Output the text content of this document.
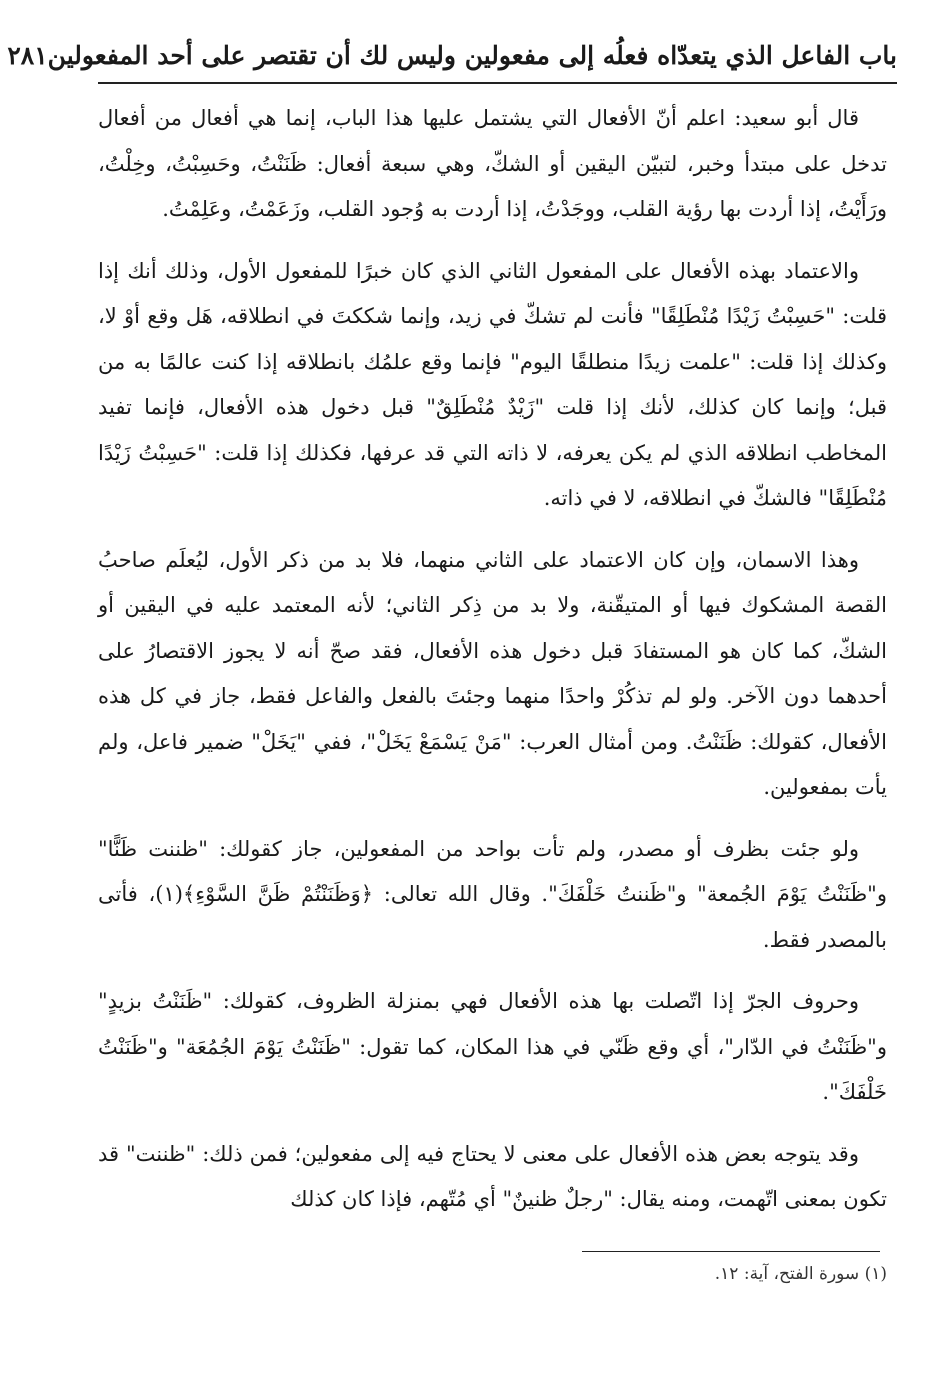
باب الفاعل الذي يتعدّاه فعلُه إلى مفعولين وليس لك أن تقتصر على أحد المفعولين
٢٨١

قال أبو سعيد: اعلم أنّ الأفعال التي يشتمل عليها هذا الباب، إنما هي أفعال من أفعال تدخل على مبتدأ وخبر، لتبيّن اليقين أو الشكّ، وهي سبعة أفعال: ظَنَنْتُ، وحَسِبْتُ، وخِلْتُ، ورَأَيْتُ، إذا أردت بها رؤية القلب، ووجَدْتُ، إذا أردت به وُجود القلب، وزَعَمْتُ، وعَلِمْتُ.

والاعتماد بهذه الأفعال على المفعول الثاني الذي كان خبرًا للمفعول الأول، وذلك أنك إذا قلت: "حَسِبْتُ زَيْدًا مُنْطَلِقًا" فأنت لم تشكّ في زيد، وإنما شككتَ في انطلاقه، هَل وقع أوْ لا، وكذلك إذا قلت: "علمت زيدًا منطلقًا اليوم" فإنما وقع علمُك بانطلاقه إذا كنت عالمًا به من قبل؛ وإنما كان كذلك، لأنك إذا قلت "زَيْدٌ مُنْطَلِقٌ" قبل دخول هذه الأفعال، فإنما تفيد المخاطب انطلاقه الذي لم يكن يعرفه، لا ذاته التي قد عرفها، فكذلك إذا قلت: "حَسِبْتُ زَيْدًا مُنْطَلِقًا" فالشكّ في انطلاقه، لا في ذاته.

وهذا الاسمان، وإن كان الاعتماد على الثاني منهما، فلا بد من ذكر الأول، ليُعلَم صاحبُ القصة المشكوك فيها أو المتيقّنة، ولا بد من ذِكر الثاني؛ لأنه المعتمد عليه في اليقين أو الشكّ، كما كان هو المستفادَ قبل دخول هذه الأفعال، فقد صحّ أنه لا يجوز الاقتصارُ على أحدهما دون الآخر. ولو لم تذكُرْ واحدًا منهما وجئتَ بالفعل والفاعل فقط، جاز في كل هذه الأفعال، كقولك: ظَنَنْتُ. ومن أمثال العرب: "مَنْ يَسْمَعْ يَخَلْ"، ففي "يَخَلْ" ضمير فاعل، ولم يأت بمفعولين.

ولو جئت بظرف أو مصدر، ولم تأت بواحد من المفعولين، جاز كقولك: "ظننت ظَنًّا" و"ظَنَنْتُ يَوْمَ الجُمعة" و"ظَننتُ خَلْفَكَ". وقال الله تعالى: ﴿وَظَنَنْتُمْ ظَنَّ السَّوْءِ﴾(١)، فأتى بالمصدر فقط.

وحروف الجرّ إذا اتّصلت بها هذه الأفعال فهي بمنزلة الظروف، كقولك: "ظَنَنْتُ بزيدٍ" و"ظَنَنْتُ في الدّار"، أي وقع ظَنّي في هذا المكان، كما تقول: "ظَنَنْتُ يَوْمَ الجُمُعَة" و"ظَنَنْتُ خَلْفَكَ".

وقد يتوجه بعض هذه الأفعال على معنى لا يحتاج فيه إلى مفعولين؛ فمن ذلك: "ظننت" قد تكون بمعنى اتّهمت، ومنه يقال: "رجلٌ ظنينٌ" أي مُتّهم، فإذا كان كذلك

(١) سورة الفتح، آية: ١٢.
